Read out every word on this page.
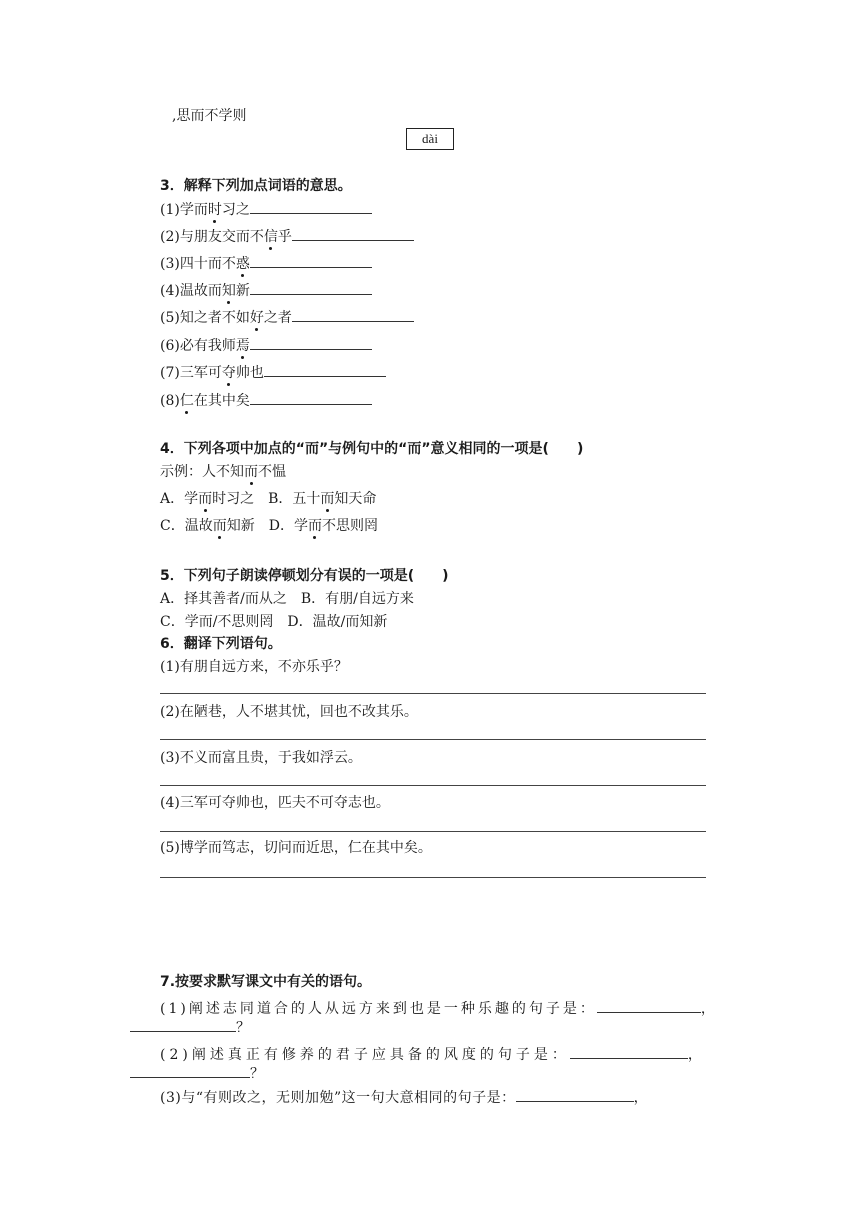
,思而不学则
dài
3．解释下列加点词语的意思。
(1)学而时习之
(2)与朋友交而不信乎
(3)四十而不惑
(4)温故而知新
(5)知之者不如好之者
(6)必有我师焉
(7)三军可夺帅也
(8)仁在其中矣
4．下列各项中加点的“而”与例句中的“而”意义相同的一项是(　　)
示例：人不知而不愠
A．学而时习之　B．五十而知天命
C．温故而知新　D．学而不思则罔
5．下列句子朗读停顿划分有误的一项是(　　)
A．择其善者/而从之　B．有朋/自远方来
C．学而/不思则罔　D．温故/而知新
6．翻译下列语句。
(1)有朋自远方来，不亦乐乎？
(2)在陋巷，人不堪其忧，回也不改其乐。
(3)不义而富且贵，于我如浮云。
(4)三军可夺帅也，匹夫不可夺志也。
(5)博学而笃志，切问而近思，仁在其中矣。
7.按要求默写课文中有关的语句。
(1)阐述志同道合的人从远方来到也是一种乐趣的句子是：	，
？
(2)阐述真正有修养的君子应具备的风度的句子是：	，
？
(3)与“有则改之，无则加勉”这一句大意相同的句子是：	，
